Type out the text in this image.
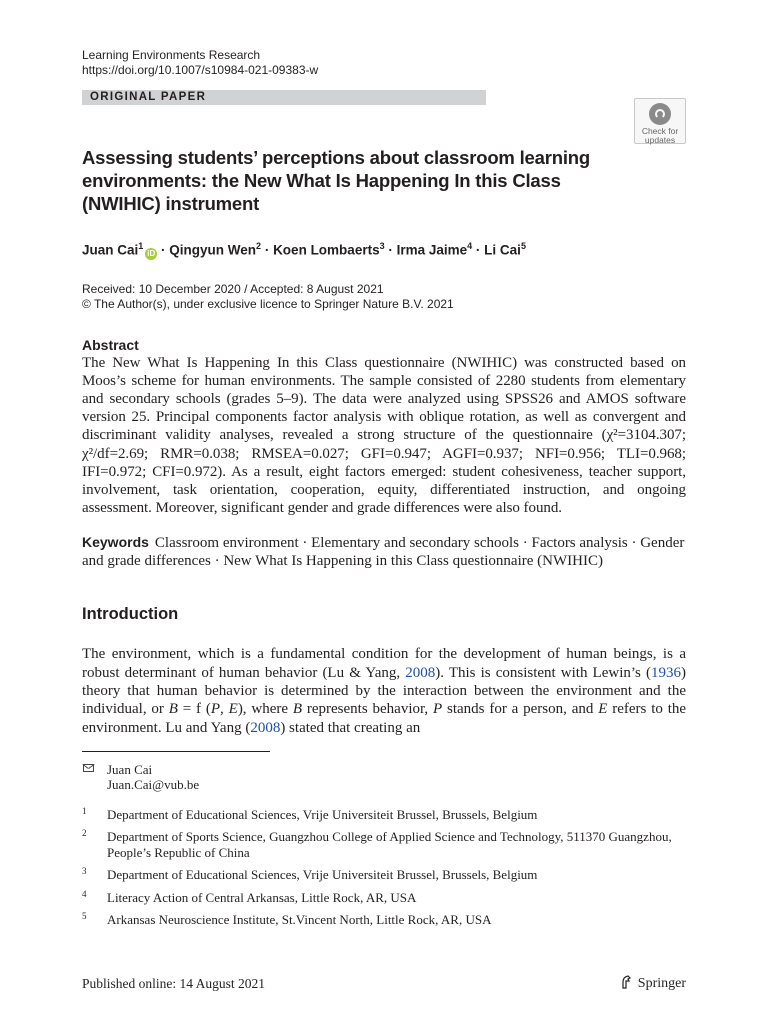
Learning Environments Research
https://doi.org/10.1007/s10984-021-09383-w
ORIGINAL PAPER
Check for
updates
Assessing students’ perceptions about classroom learning environments: the New What Is Happening In this Class (NWIHIC) instrument
Juan Cai$^1$iD · Qingyun Wen$^2$ · Koen Lombaerts$^3$ · Irma Jaime$^4$ · Li Cai$^5$
Received: 10 December 2020 / Accepted: 8 August 2021
© The Author(s), under exclusive licence to Springer Nature B.V. 2021
Abstract
The New What Is Happening In this Class questionnaire (NWIHIC) was constructed based on Moos’s scheme for human environments. The sample consisted of 2280 students from elementary and secondary schools (grades 5–9). The data were analyzed using SPSS26 and AMOS software version 25. Principal components factor analysis with oblique rotation, as well as convergent and discriminant validity analyses, revealed a strong structure of the questionnaire (χ²=3104.307; χ²/df=2.69; RMR=0.038; RMSEA=0.027; GFI=0.947; AGFI=0.937; NFI=0.956; TLI=0.968; IFI=0.972; CFI=0.972). As a result, eight factors emerged: student cohesiveness, teacher support, involvement, task orientation, cooperation, equity, differentiated instruction, and ongoing assessment. Moreover, significant gender and grade differences were also found.
Keywords Classroom environment · Elementary and secondary schools · Factors analysis · Gender and grade differences · New What Is Happening in this Class questionnaire (NWIHIC)
Introduction
The environment, which is a fundamental condition for the development of human beings, is a robust determinant of human behavior (Lu & Yang, 2008). This is consistent with Lewin’s (1936) theory that human behavior is determined by the interaction between the environment and the individual, or B = f (P, E), where B represents behavior, P stands for a person, and E refers to the environment. Lu and Yang (2008) stated that creating an
Juan Cai
Juan.Cai@vub.be
1 Department of Educational Sciences, Vrije Universiteit Brussel, Brussels, Belgium
2 Department of Sports Science, Guangzhou College of Applied Science and Technology, 511370 Guangzhou, People’s Republic of China
3 Department of Educational Sciences, Vrije Universiteit Brussel, Brussels, Belgium
4 Literacy Action of Central Arkansas, Little Rock, AR, USA
5 Arkansas Neuroscience Institute, St.Vincent North, Little Rock, AR, USA
Published online: 14 August 2021	Springer
